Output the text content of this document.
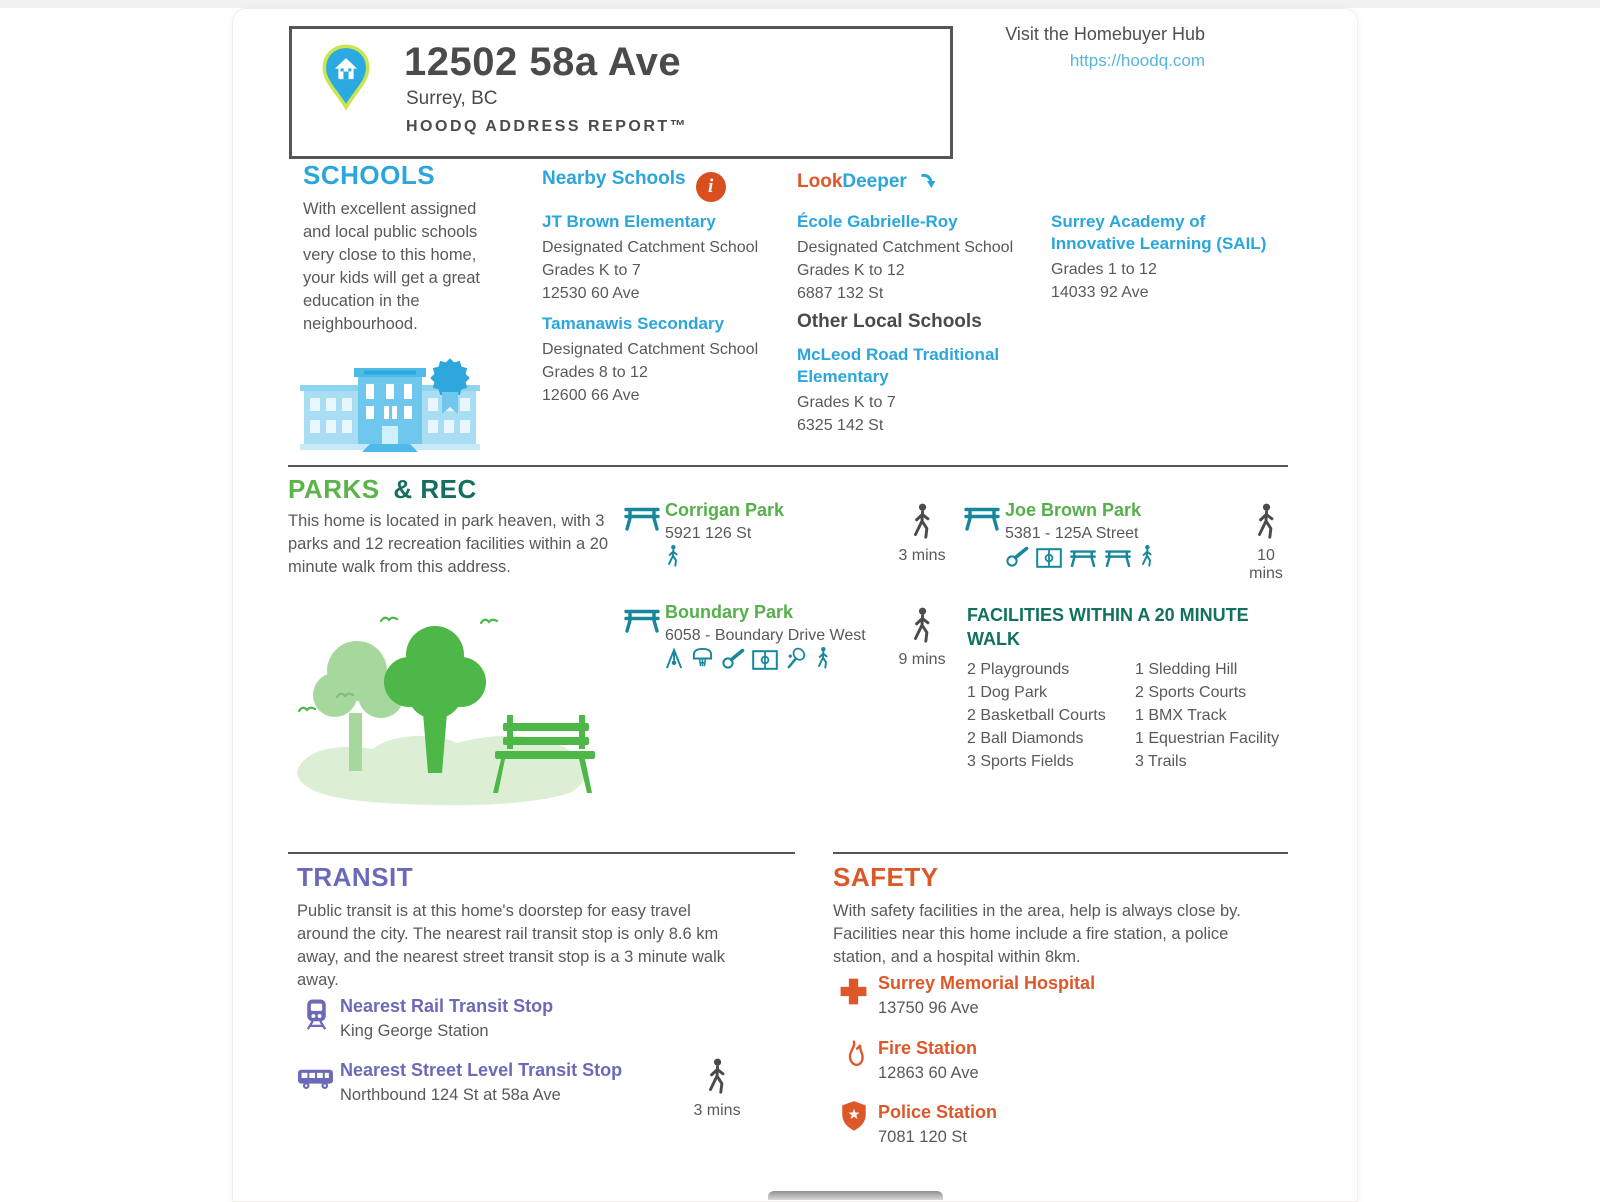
12502 58a Ave
Surrey, BC
HOODQ ADDRESS REPORT™
Visit the Homebuyer Hub
https://hoodq.com
SCHOOLS
With excellent assigned and local public schools very close to this home, your kids will get a great education in the neighbourhood.
Nearby Schools i
JT Brown Elementary
Designated Catchment School
Grades K to 7
12530 60 Ave
Tamanawis Secondary
Designated Catchment School
Grades 8 to 12
12600 66 Ave
LookDeeper
École Gabrielle-Roy
Designated Catchment School
Grades K to 12
6887 132 St
Other Local Schools
McLeod Road Traditional Elementary
Grades K to 7
6325 142 St
Surrey Academy of Innovative Learning (SAIL)
Grades 1 to 12
14033 92 Ave
PARKS & REC
This home is located in park heaven, with 3 parks and 12 recreation facilities within a 20 minute walk from this address.
Corrigan Park
5921 126 St
3 mins
Joe Brown Park
5381 - 125A Street
10 mins
Boundary Park
6058 - Boundary Drive West
9 mins
FACILITIES WITHIN A 20 MINUTE WALK
2 Playgrounds
1 Dog Park
2 Basketball Courts
2 Ball Diamonds
3 Sports Fields
1 Sledding Hill
2 Sports Courts
1 BMX Track
1 Equestrian Facility
3 Trails
TRANSIT
Public transit is at this home's doorstep for easy travel around the city. The nearest rail transit stop is only 8.6 km away, and the nearest street transit stop is a 3 minute walk away.
Nearest Rail Transit Stop
King George Station
Nearest Street Level Transit Stop
Northbound 124 St at 58a Ave
3 mins
SAFETY
With safety facilities in the area, help is always close by. Facilities near this home include a fire station, a police station, and a hospital within 8km.
Surrey Memorial Hospital
13750 96 Ave
Fire Station
12863 60 Ave
Police Station
7081 120 St
